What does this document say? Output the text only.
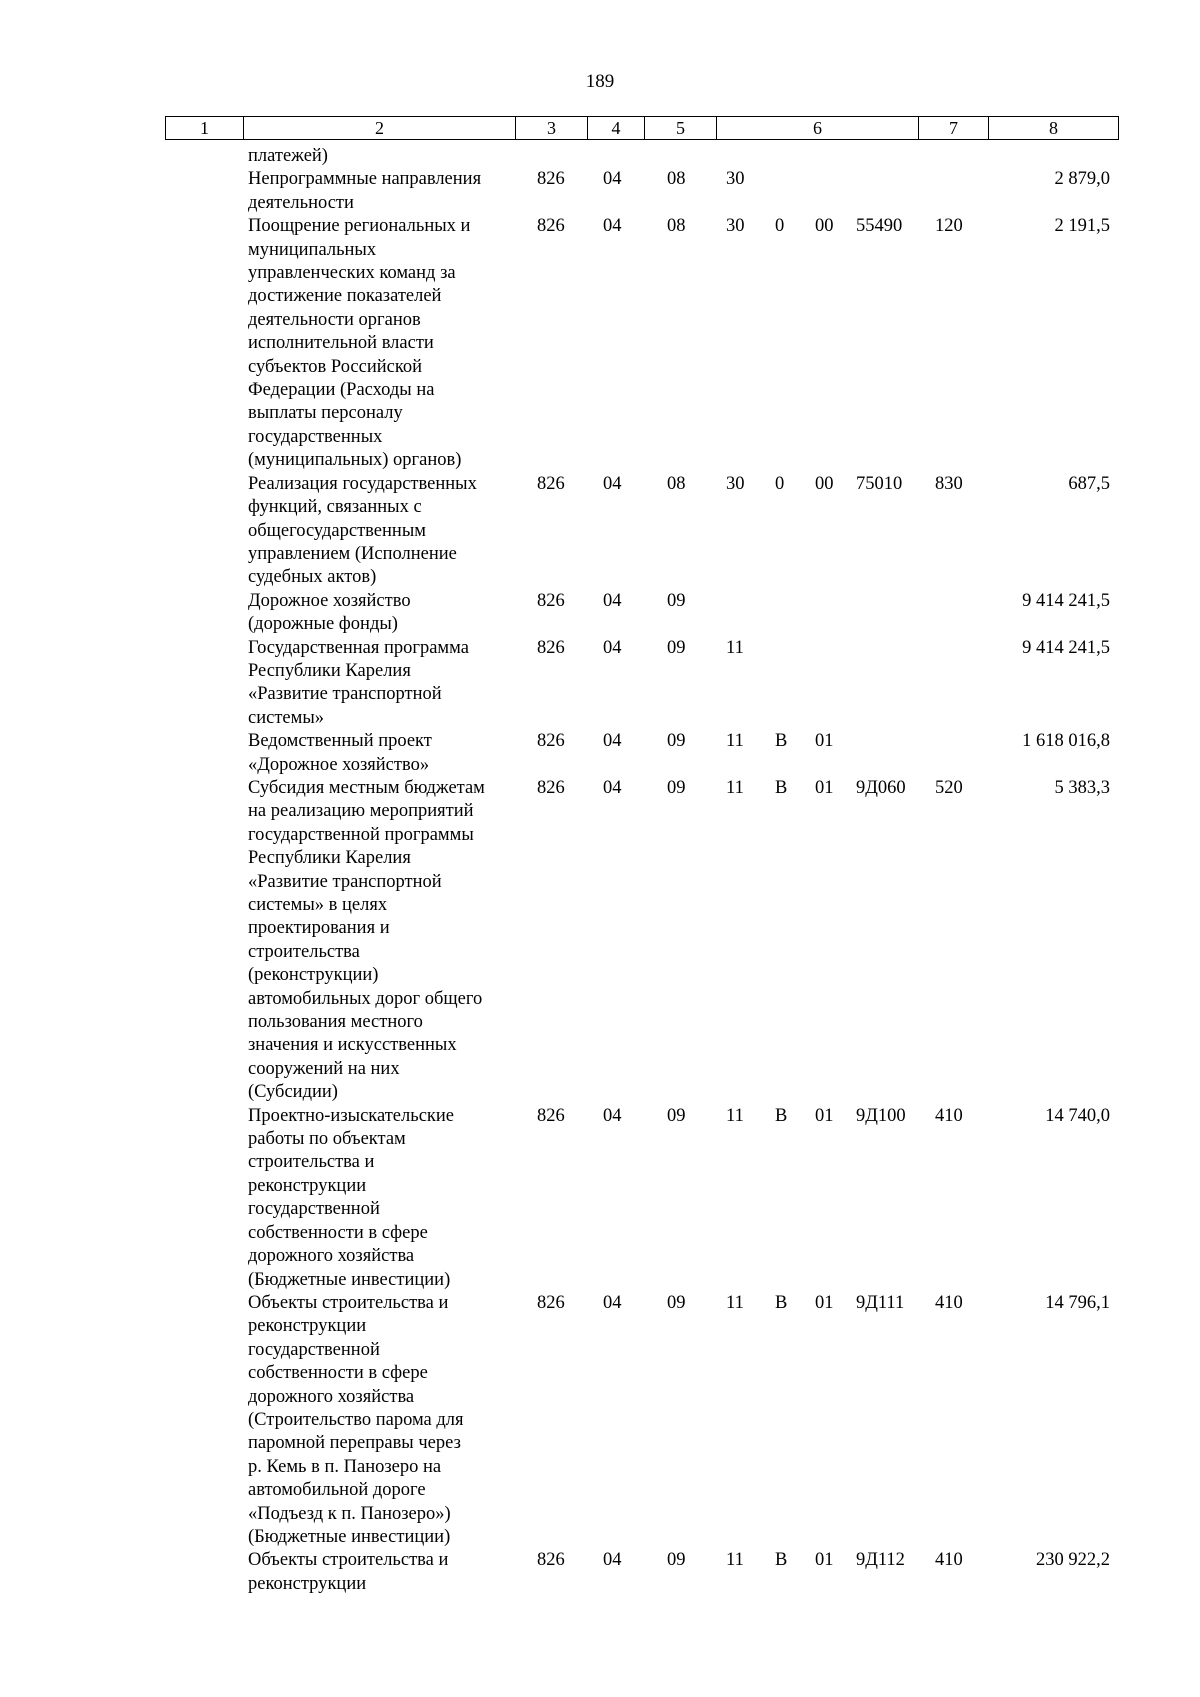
189
1	2	3	4	5	6	7	8
платежей)
Непрограммные направления
деятельности
826 04 08 30	2 879,0
Поощрение региональных и
муниципальных
управленческих команд за
достижение показателей
деятельности органов
исполнительной власти
субъектов Российской
Федерации (Расходы на
выплаты персоналу
государственных
(муниципальных) органов)
826 04 08 30 0 00 55490 120	2 191,5
Реализация государственных
функций, связанных с
общегосударственным
управлением (Исполнение
судебных актов)
826 04 08 30 0 00 75010 830	687,5
Дорожное хозяйство
(дорожные фонды)
826 04 09	9 414 241,5
Государственная программа
Республики Карелия
«Развитие транспортной
системы»
826 04 09 11	9 414 241,5
Ведомственный проект
«Дорожное хозяйство»
826 04 09 11 В 01	1 618 016,8
Субсидия местным бюджетам
на реализацию мероприятий
государственной программы
Республики Карелия
«Развитие транспортной
системы» в целях
проектирования и
строительства
(реконструкции)
автомобильных дорог общего
пользования местного
значения и искусственных
сооружений на них
(Субсидии)
826 04 09 11 В 01 9Д060 520	5 383,3
Проектно-изыскательские
работы по объектам
строительства и
реконструкции
государственной
собственности в сфере
дорожного хозяйства
(Бюджетные инвестиции)
826 04 09 11 В 01 9Д100 410	14 740,0
Объекты строительства и
реконструкции
государственной
собственности в сфере
дорожного хозяйства
(Строительство парома для
паромной переправы через
р. Кемь в п. Панозеро на
автомобильной дороге
«Подъезд к п. Панозеро»)
(Бюджетные инвестиции)
826 04 09 11 В 01 9Д111 410	14 796,1
Объекты строительства и
реконструкции
826 04 09 11 В 01 9Д112 410	230 922,2
